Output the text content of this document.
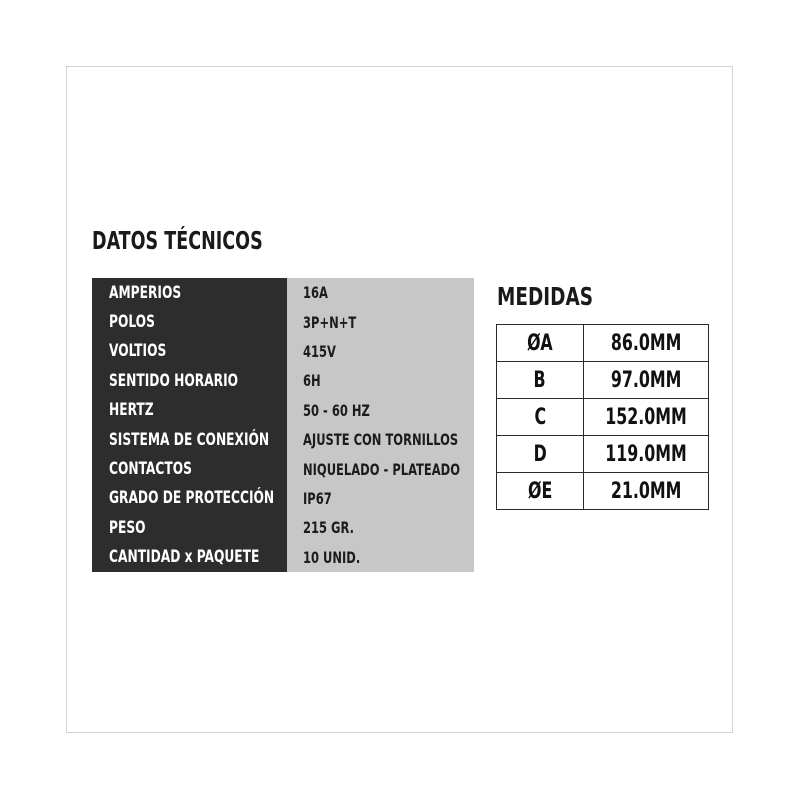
DATOS TÉCNICOS
AMPERIOS	16A
POLOS	3P+N+T
VOLTIOS	415V
SENTIDO HORARIO	6H
HERTZ	50 - 60 HZ
SISTEMA DE CONEXIÓN	AJUSTE CON TORNILLOS
CONTACTOS	NIQUELADO - PLATEADO
GRADO DE PROTECCIÓN	IP67
PESO	215 GR.
CANTIDAD x PAQUETE	10 UNID.
MEDIDAS
ØA	86.0MM
B	97.0MM
C	152.0MM
D	119.0MM
ØE	21.0MM
